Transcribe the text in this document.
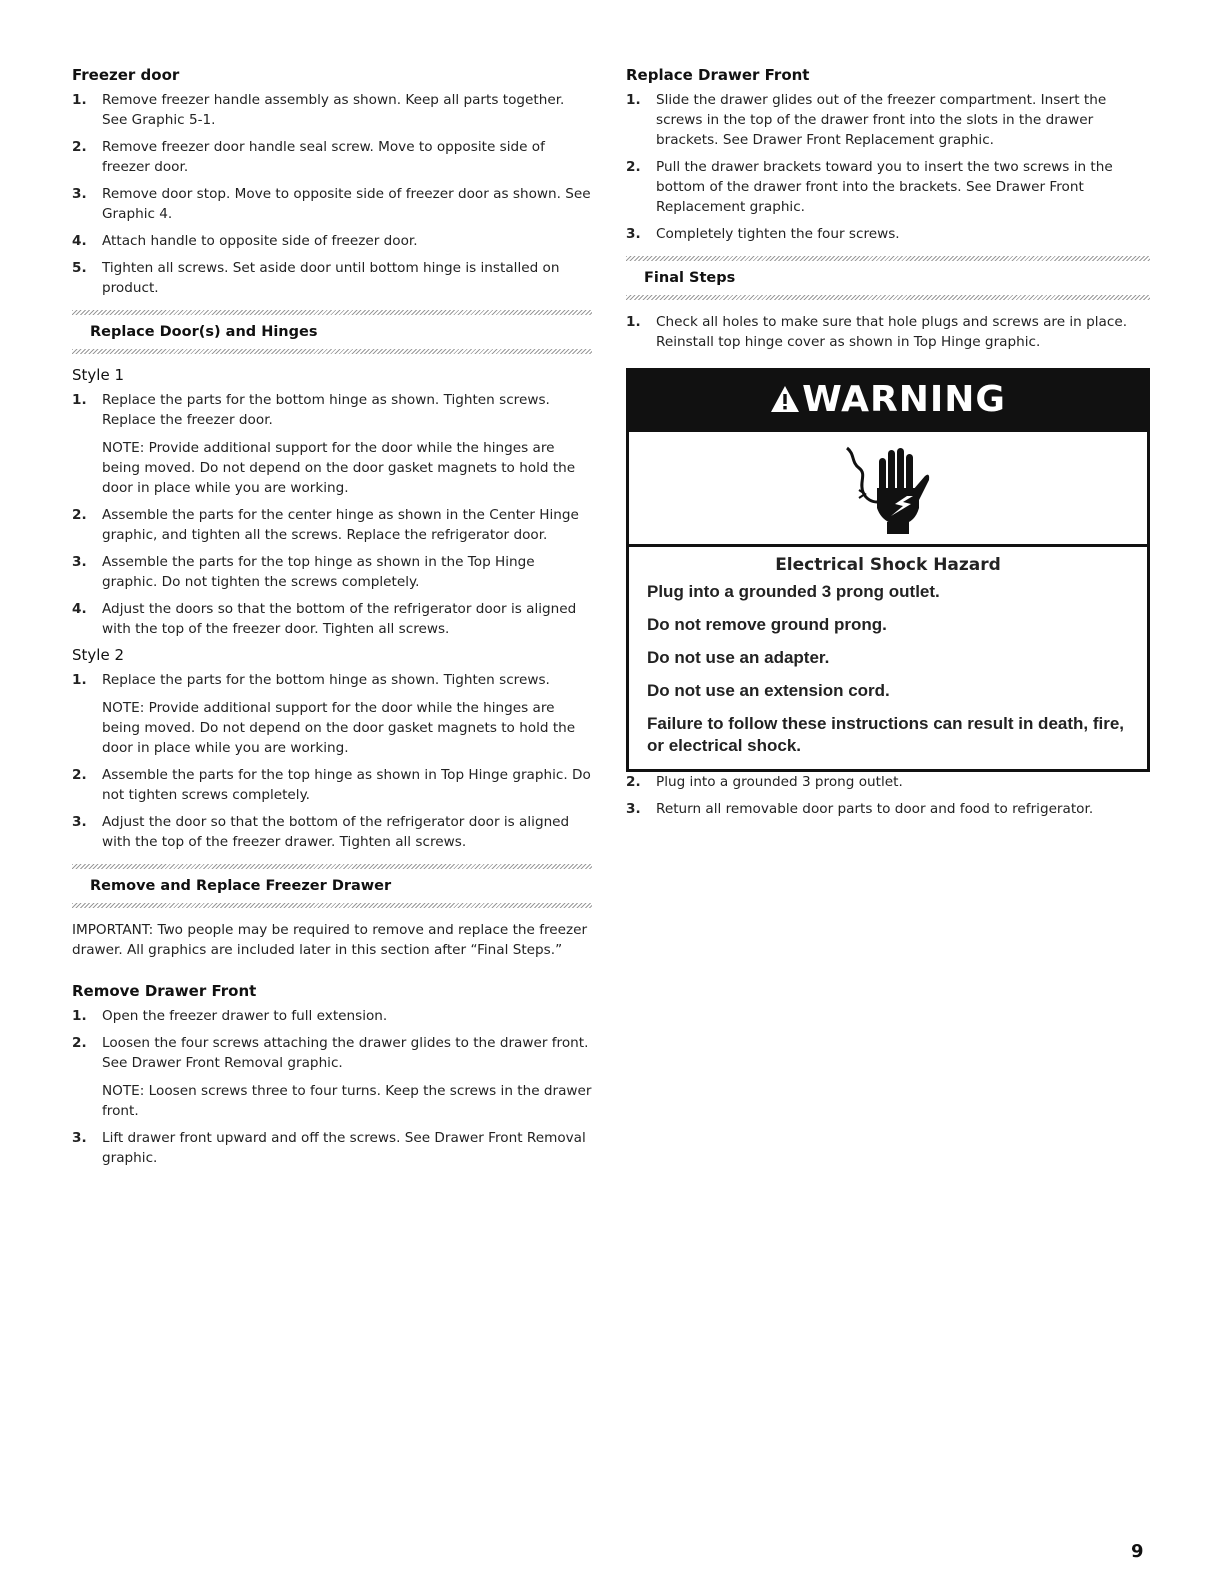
Freezer door
1. Remove freezer handle assembly as shown. Keep all parts together. See Graphic 5-1.
2. Remove freezer door handle seal screw. Move to opposite side of freezer door.
3. Remove door stop. Move to opposite side of freezer door as shown. See Graphic 4.
4. Attach handle to opposite side of freezer door.
5. Tighten all screws. Set aside door until bottom hinge is installed on product.
Replace Door(s) and Hinges
Style 1
1. Replace the parts for the bottom hinge as shown. Tighten screws. Replace the freezer door.
NOTE: Provide additional support for the door while the hinges are being moved. Do not depend on the door gasket magnets to hold the door in place while you are working.
2. Assemble the parts for the center hinge as shown in the Center Hinge graphic, and tighten all the screws. Replace the refrigerator door.
3. Assemble the parts for the top hinge as shown in the Top Hinge graphic. Do not tighten the screws completely.
4. Adjust the doors so that the bottom of the refrigerator door is aligned with the top of the freezer door. Tighten all screws.
Style 2
1. Replace the parts for the bottom hinge as shown. Tighten screws.
NOTE: Provide additional support for the door while the hinges are being moved. Do not depend on the door gasket magnets to hold the door in place while you are working.
2. Assemble the parts for the top hinge as shown in Top Hinge graphic. Do not tighten screws completely.
3. Adjust the door so that the bottom of the refrigerator door is aligned with the top of the freezer drawer. Tighten all screws.
Remove and Replace Freezer Drawer

IMPORTANT: Two people may be required to remove and replace the freezer drawer. All graphics are included later in this section after “Final Steps.”

Remove Drawer Front
1. Open the freezer drawer to full extension.
2. Loosen the four screws attaching the drawer glides to the drawer front. See Drawer Front Removal graphic.
NOTE: Loosen screws three to four turns. Keep the screws in the drawer front.
3. Lift drawer front upward and off the screws. See Drawer Front Removal graphic.
Replace Drawer Front
1. Slide the drawer glides out of the freezer compartment. Insert the screws in the top of the drawer front into the slots in the drawer brackets. See Drawer Front Replacement graphic.
2. Pull the drawer brackets toward you to insert the two screws in the bottom of the drawer front into the brackets. See Drawer Front Replacement graphic.
3. Completely tighten the four screws.
Final Steps
1. Check all holes to make sure that hole plugs and screws are in place. Reinstall top hinge cover as shown in Top Hinge graphic.
WARNING
Electrical Shock Hazard
Plug into a grounded 3 prong outlet.
Do not remove ground prong.
Do not use an adapter.
Do not use an extension cord.
Failure to follow these instructions can result in death, fire, or electrical shock.
2. Plug into a grounded 3 prong outlet.
3. Return all removable door parts to door and food to refrigerator.
9
